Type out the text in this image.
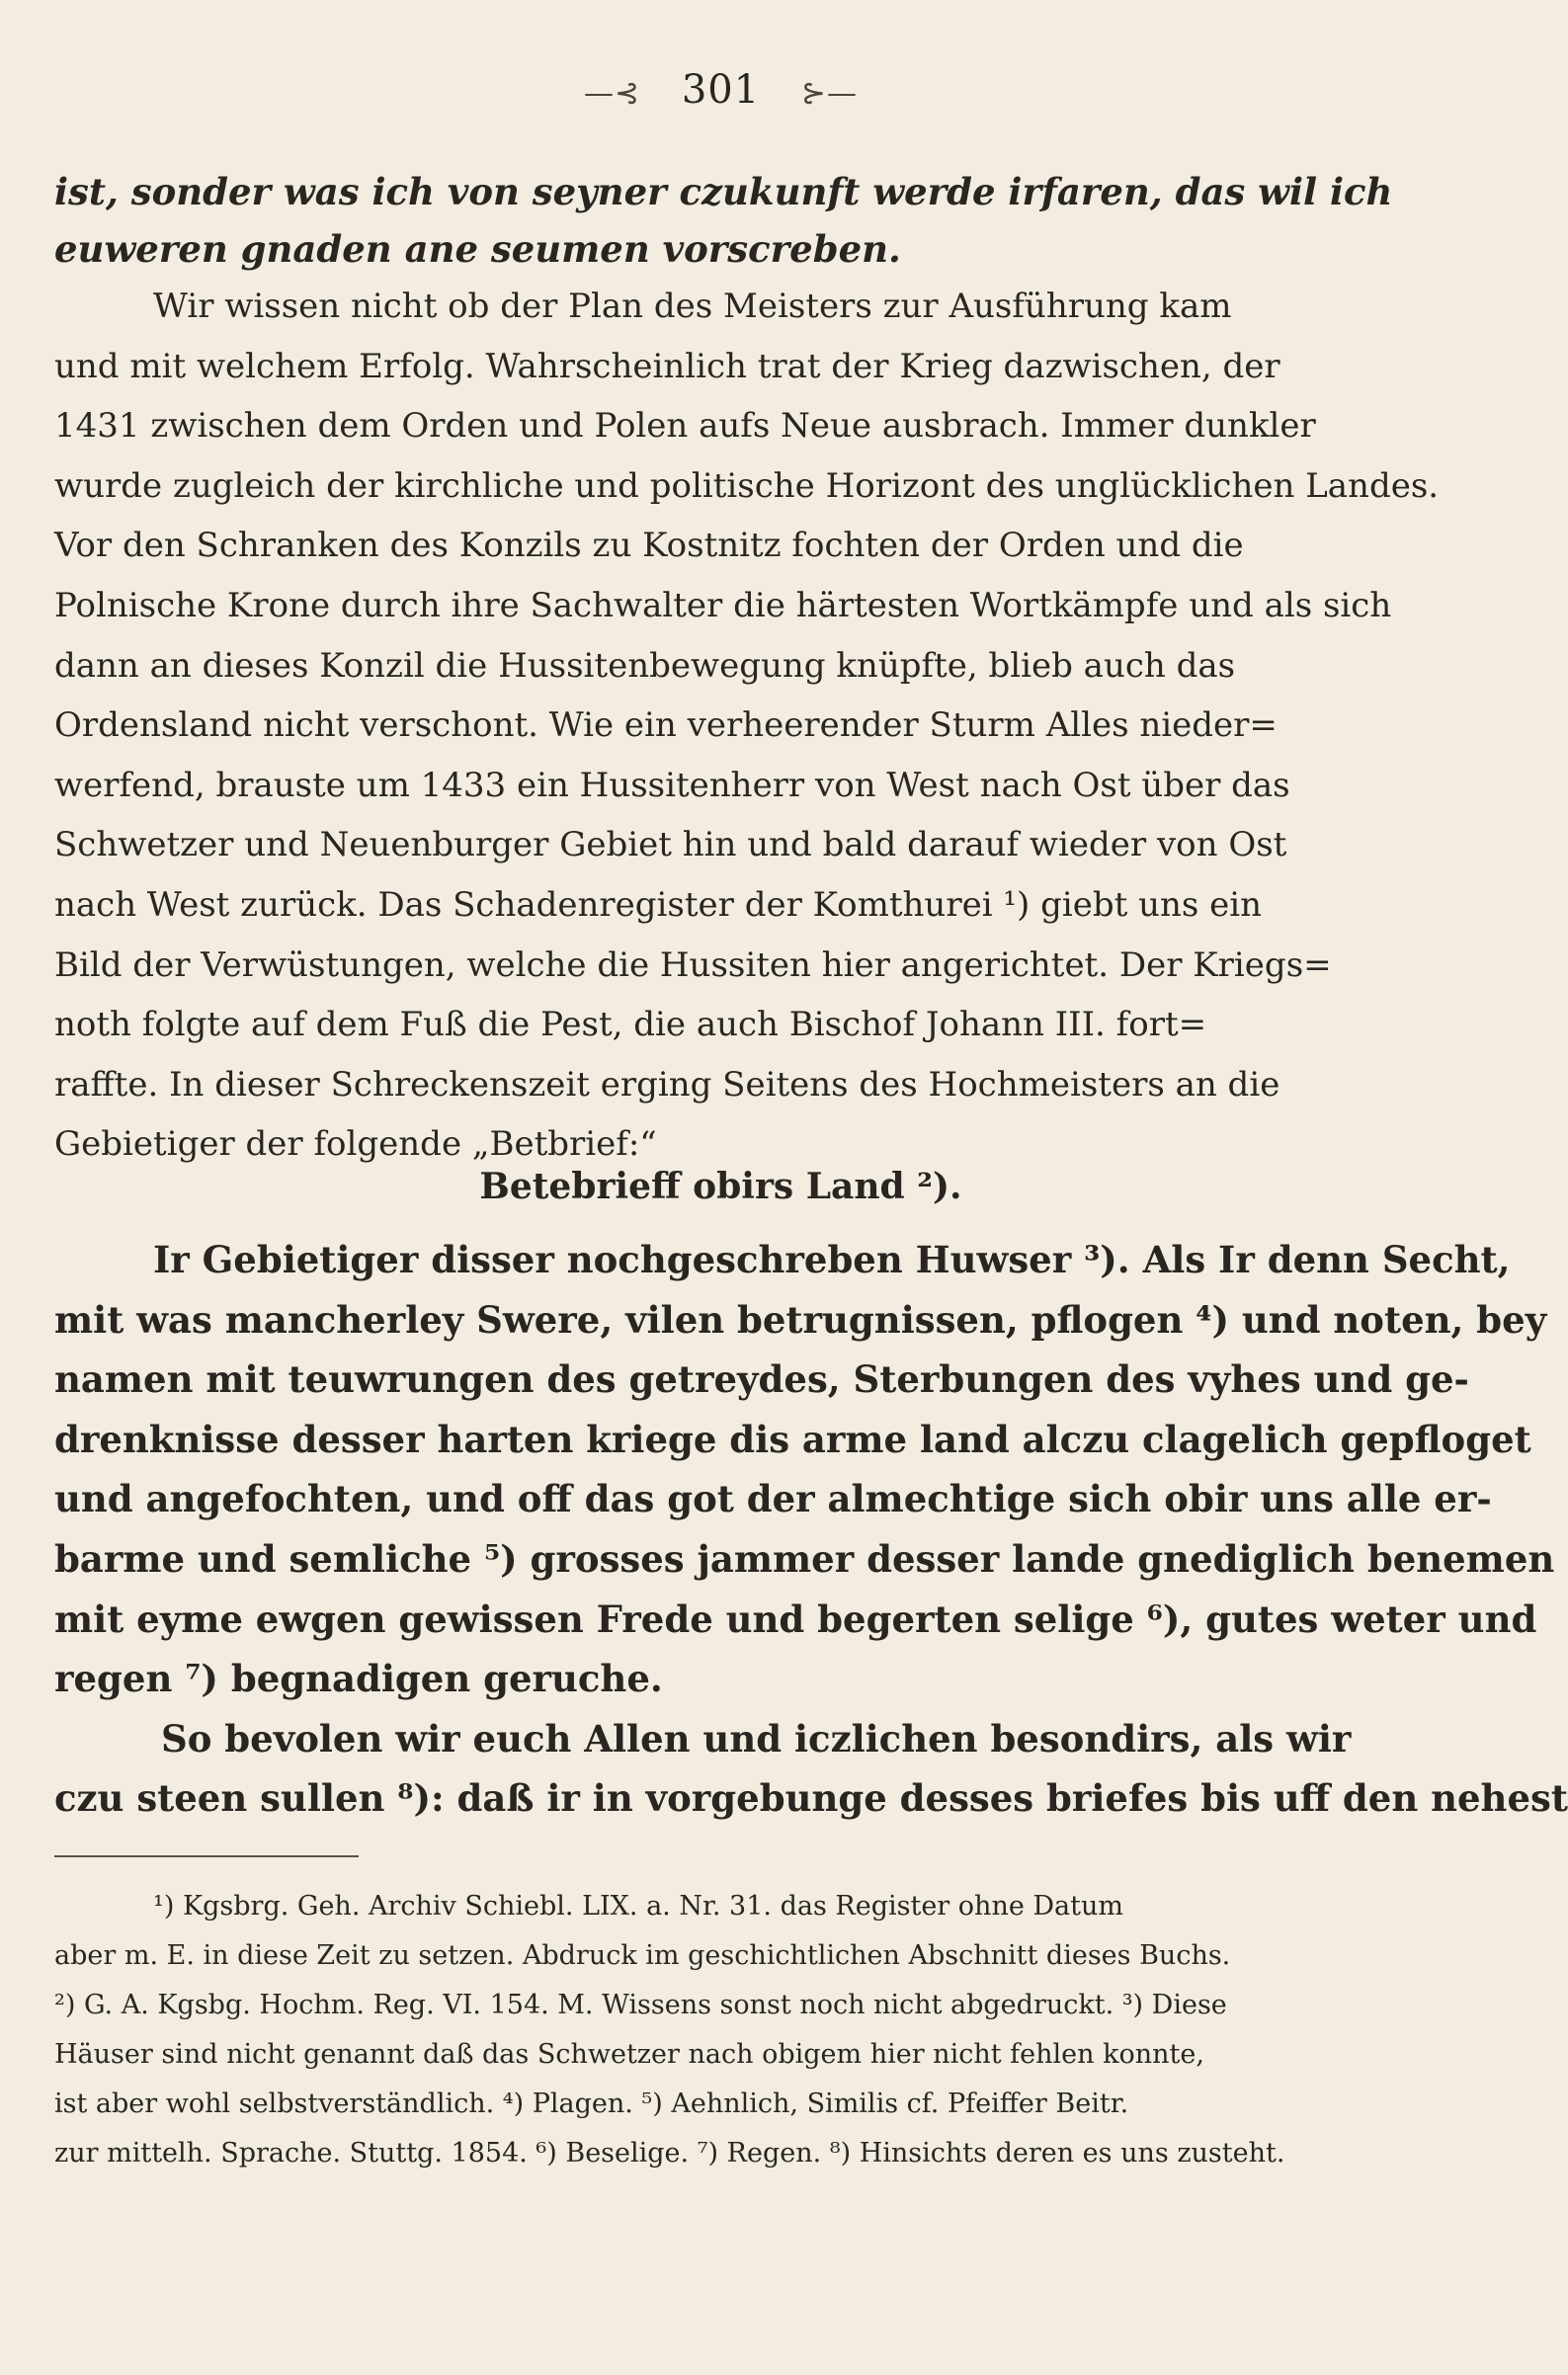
—⊰ 301 ⊱—
ist, sonder was ich von seyner czukunft werde irfaren, das wil ich
euweren gnaden ane seumen vorscreben.
Wir wissen nicht ob der Plan des Meisters zur Ausführung kam
und mit welchem Erfolg. Wahrscheinlich trat der Krieg dazwischen, der
1431 zwischen dem Orden und Polen aufs Neue ausbrach. Immer dunkler
wurde zugleich der kirchliche und politische Horizont des unglücklichen Landes.
Vor den Schranken des Konzils zu Kostnitz fochten der Orden und die
Polnische Krone durch ihre Sachwalter die härtesten Wortkämpfe und als sich
dann an dieses Konzil die Hussitenbewegung knüpfte, blieb auch das
Ordensland nicht verschont. Wie ein verheerender Sturm Alles nieder=
werfend, brauste um 1433 ein Hussitenherr von West nach Ost über das
Schwetzer und Neuenburger Gebiet hin und bald darauf wieder von Ost
nach West zurück. Das Schadenregister der Komthurei ¹) giebt uns ein
Bild der Verwüstungen, welche die Hussiten hier angerichtet. Der Kriegs=
noth folgte auf dem Fuß die Pest, die auch Bischof Johann III. fort=
raffte. In dieser Schreckenszeit erging Seitens des Hochmeisters an die
Gebietiger der folgende „Betbrief:“
Betebrieff obirs Land ²).
Ir Gebietiger disser nochgeschreben Huwser ³). Als Ir denn Secht,
mit was mancherley Swere, vilen betrugnissen, pflogen ⁴) und noten, bey
namen mit teuwrungen des getreydes, Sterbungen des vyhes und ge-
drenknisse desser harten kriege dis arme land alczu clagelich gepfloget
und angefochten, und off das got der almechtige sich obir uns alle er-
barme und semliche ⁵) grosses jammer desser lande gnediglich benemen
mit eyme ewgen gewissen Frede und begerten selige ⁶), gutes weter und
regen ⁷) begnadigen geruche.
So bevolen wir euch Allen und iczlichen besondirs, als wir
czu steen sullen ⁸): daß ir in vorgebunge desses briefes bis uff den nehest
¹) Kgsbrg. Geh. Archiv Schiebl. LIX. a. Nr. 31. das Register ohne Datum
aber m. E. in diese Zeit zu setzen. Abdruck im geschichtlichen Abschnitt dieses Buchs.
²) G. A. Kgsbg. Hochm. Reg. VI. 154. M. Wissens sonst noch nicht abgedruckt. ³) Diese
Häuser sind nicht genannt daß das Schwetzer nach obigem hier nicht fehlen konnte,
ist aber wohl selbstverständlich. ⁴) Plagen. ⁵) Aehnlich, Similis cf. Pfeiffer Beitr.
zur mittelh. Sprache. Stuttg. 1854. ⁶) Beselige. ⁷) Regen. ⁸) Hinsichts deren es uns zusteht.
